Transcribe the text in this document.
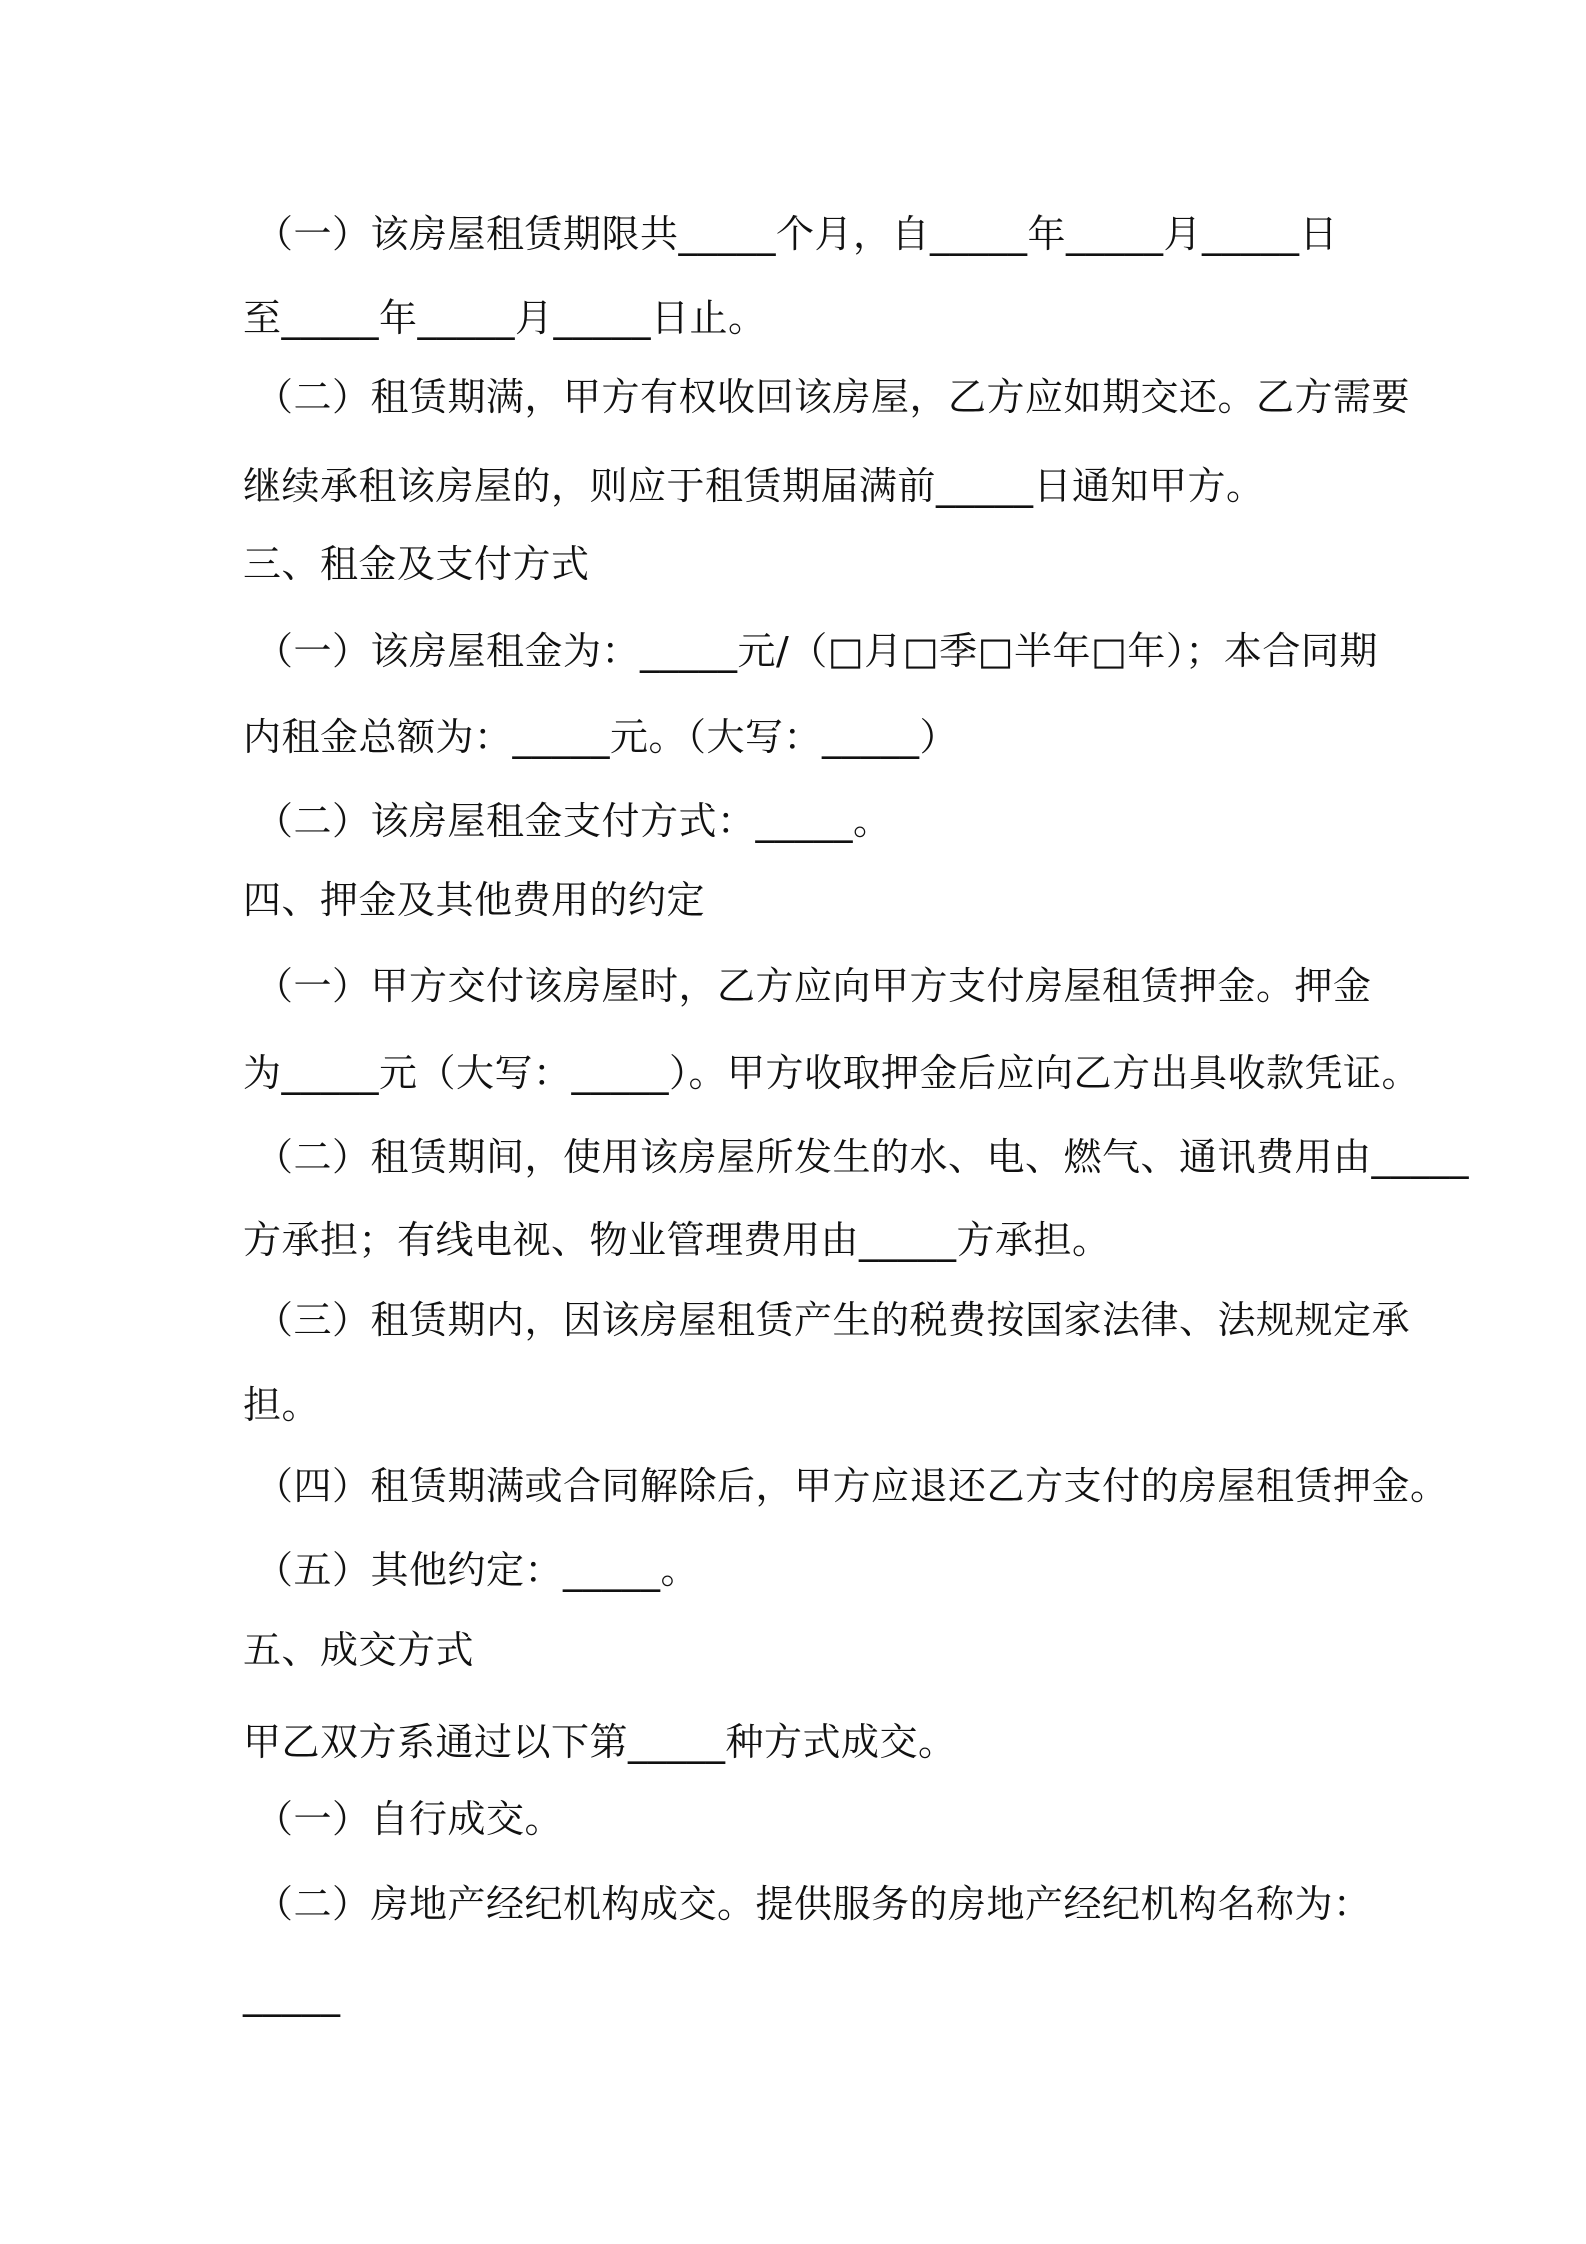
（一）该房屋租赁期限共_____个月，自_____年_____月_____日
至_____年_____月_____日止。
（二）租赁期满，甲方有权收回该房屋，乙方应如期交还。乙方需要
继续承租该房屋的，则应于租赁期届满前_____日通知甲方。
三、租金及支付方式
（一）该房屋租金为：_____元/（□月□季□半年□年）；本合同期
内租金总额为：_____元。（大写：_____）
（二）该房屋租金支付方式：_____。
四、押金及其他费用的约定
（一）甲方交付该房屋时，乙方应向甲方支付房屋租赁押金。押金
为_____元（大写：_____）。甲方收取押金后应向乙方出具收款凭证。
（二）租赁期间，使用该房屋所发生的水、电、燃气、通讯费用由_____
方承担；有线电视、物业管理费用由_____方承担。
（三）租赁期内，因该房屋租赁产生的税费按国家法律、法规规定承
担。
（四）租赁期满或合同解除后，甲方应退还乙方支付的房屋租赁押金。
（五）其他约定：_____。
五、成交方式
甲乙双方系通过以下第_____种方式成交。
（一）自行成交。
（二）房地产经纪机构成交。提供服务的房地产经纪机构名称为：
_____
